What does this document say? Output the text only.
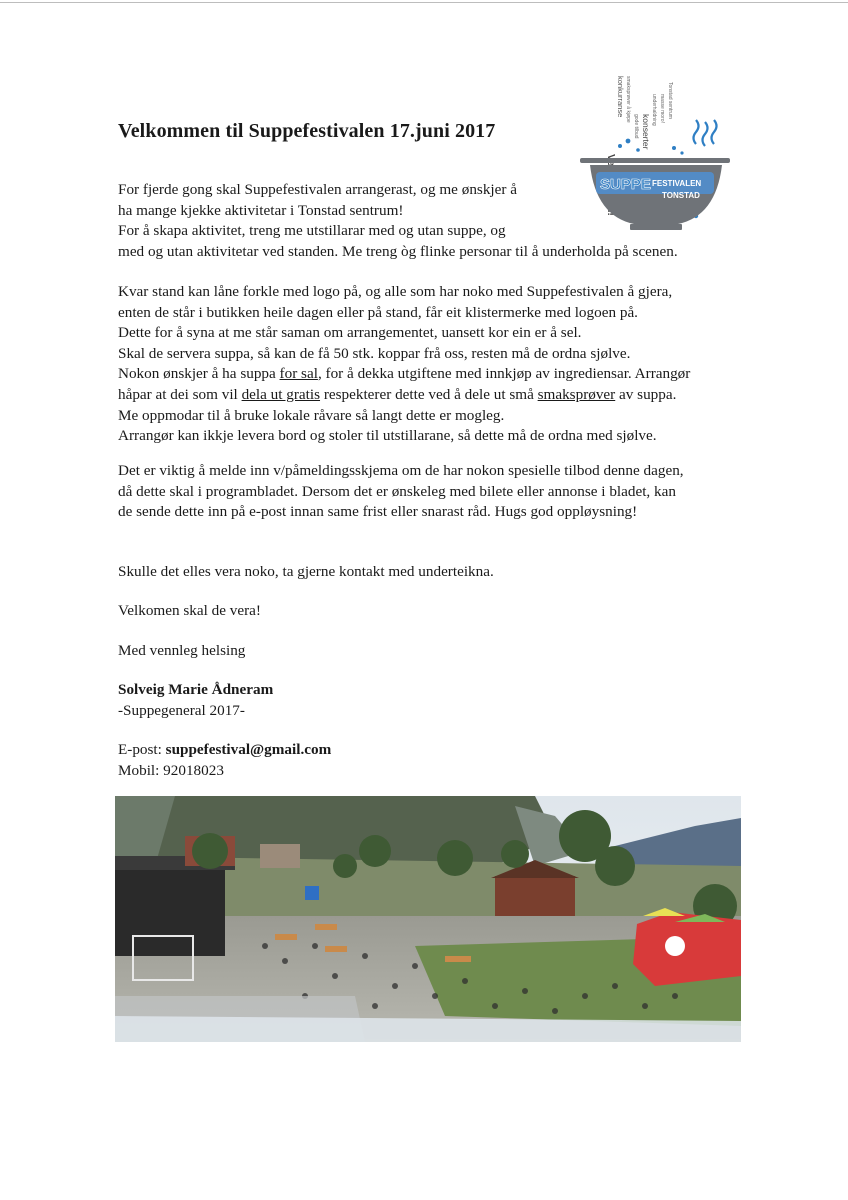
Velkommen til Suppefestivalen 17.juni 2017
konkurranse smaksprøver å kjøpe
gode tilbud konserter
underhaldning masse moro! Tonstad sentrum
SUPPE FESTIVALEN
TONSTAD

For fjerde gong skal Suppefestivalen arrangerast, og me ønskjer å

ha mange kjekke aktivitetar i Tonstad sentrum!

For å skapa aktivitet, treng me utstillarar med og utan suppe, og

med og utan aktivitetar ved standen. Me treng òg flinke personar til å underholda på scenen.

Kvar stand kan låne forkle med logo på, og alle som har noko med Suppefestivalen å gjera,

enten de står i butikken heile dagen eller på stand, får eit klistermerke med logoen på.

Dette for å syna at me står saman om arrangementet, uansett kor ein er å sel.

Skal de servera suppa, så kan de få 50 stk. koppar frå oss, resten må de ordna sjølve.

Nokon ønskjer å ha suppa for sal, for å dekka utgiftene med innkjøp av ingrediensar. Arrangør

håpar at dei som vil dela ut gratis respekterer dette ved å dele ut små smaksprøver av suppa.

Me oppmodar til å bruke lokale råvare så langt dette er mogleg.

Arrangør kan ikkje levera bord og stoler til utstillarane, så dette må de ordna med sjølve.

Det er viktig å melde inn v/påmeldingsskjema om de har nokon spesielle tilbod denne dagen,

då dette skal i programbladet. Dersom det er ønskeleg med bilete eller annonse i bladet, kan

de sende dette inn på e-post innan same frist eller snarast råd. Hugs god oppløysning!

Skulle det elles vera noko, ta gjerne kontakt med underteikna.

Velkomen skal de vera!

Med vennleg helsing

Solveig Marie Ådneram

-Suppegeneral 2017-

E-post: suppefestival@gmail.com

Mobil: 92018023
